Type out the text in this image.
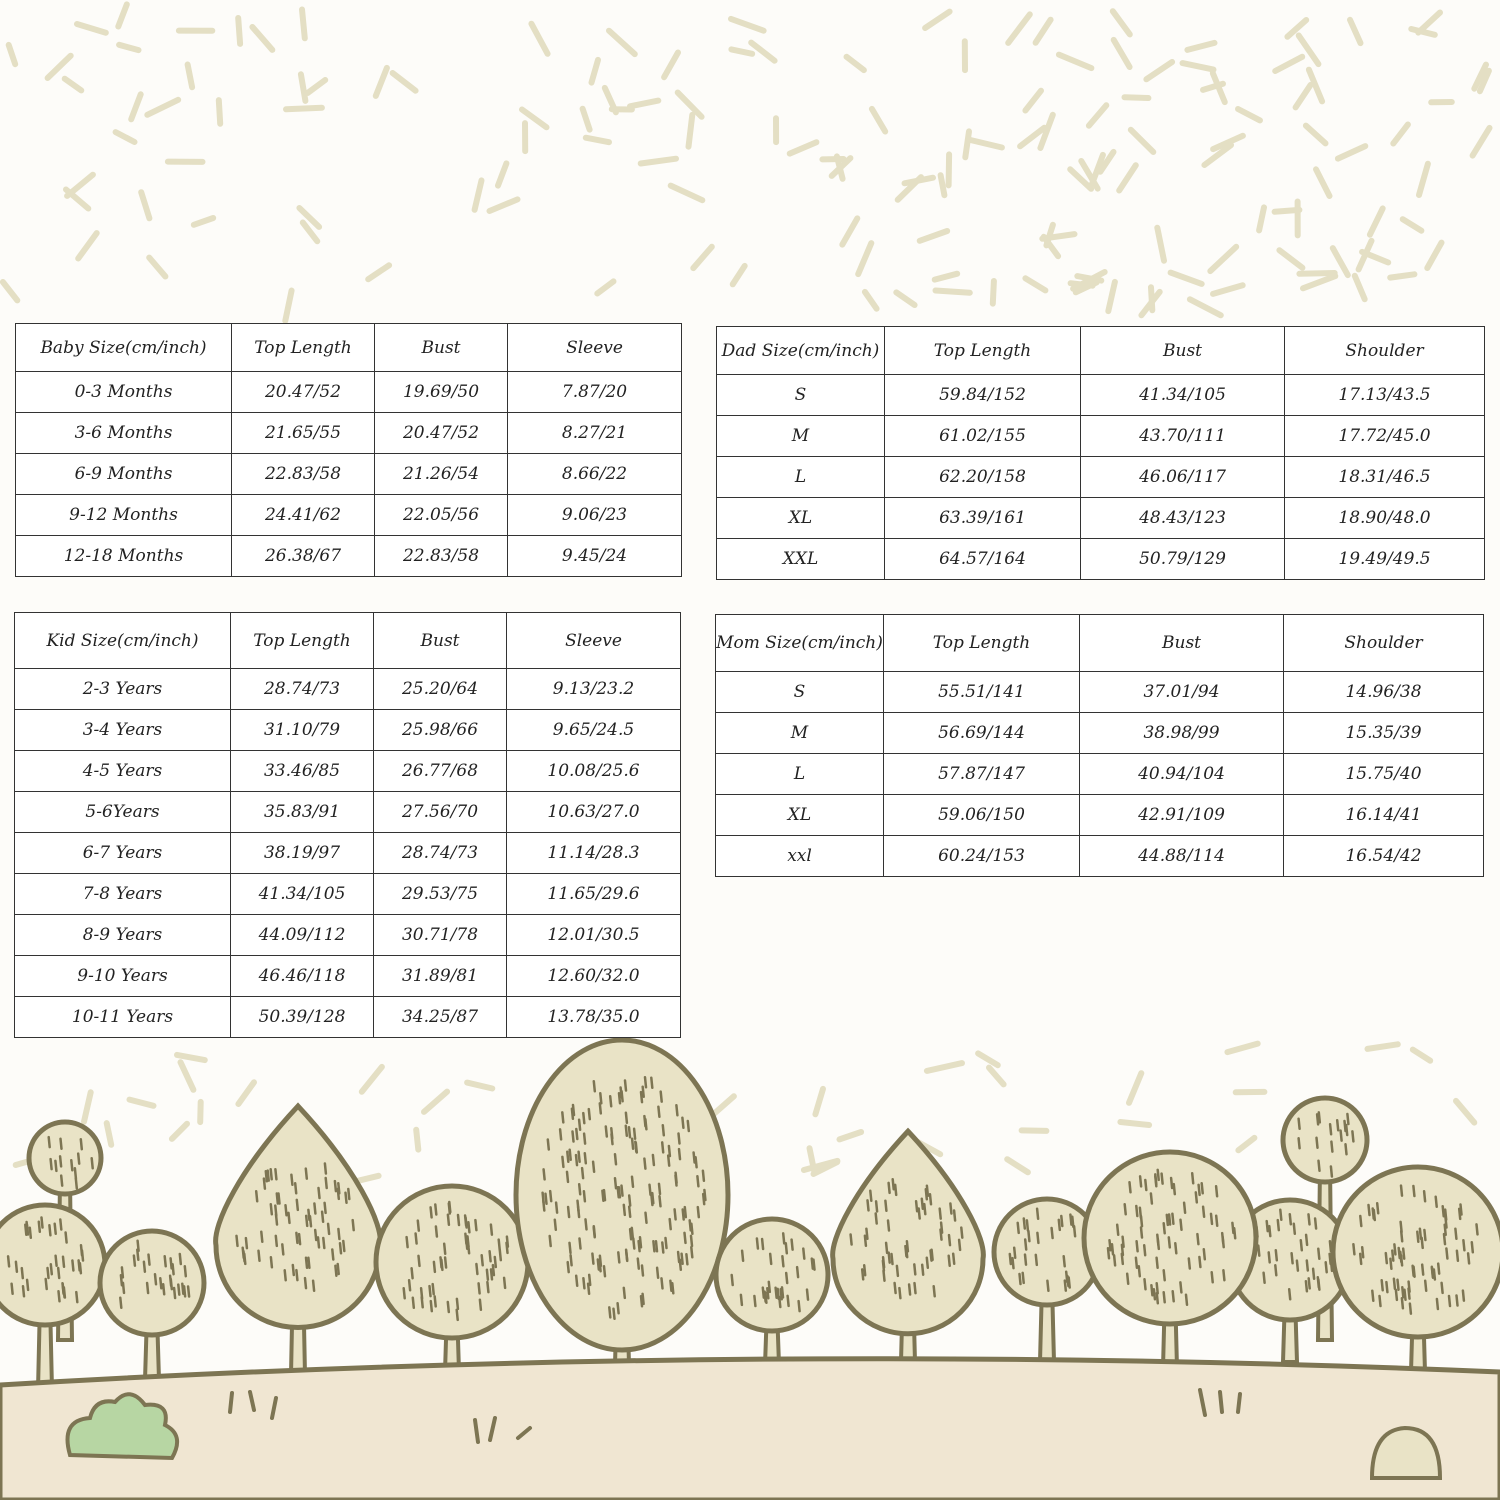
Baby Size(cm/inch)	Top Length	Bust	Sleeve
0-3 Months	20.47/52	19.69/50	7.87/20
3-6 Months	21.65/55	20.47/52	8.27/21
6-9 Months	22.83/58	21.26/54	8.66/22
9-12 Months	24.41/62	22.05/56	9.06/23
12-18 Months	26.38/67	22.83/58	9.45/24
Dad Size(cm/inch)	Top Length	Bust	Shoulder
S	59.84/152	41.34/105	17.13/43.5
M	61.02/155	43.70/111	17.72/45.0
L	62.20/158	46.06/117	18.31/46.5
XL	63.39/161	48.43/123	18.90/48.0
XXL	64.57/164	50.79/129	19.49/49.5
Kid Size(cm/inch)	Top Length	Bust	Sleeve
2-3 Years	28.74/73	25.20/64	9.13/23.2
3-4 Years	31.10/79	25.98/66	9.65/24.5
4-5 Years	33.46/85	26.77/68	10.08/25.6
5-6Years	35.83/91	27.56/70	10.63/27.0
6-7 Years	38.19/97	28.74/73	11.14/28.3
7-8 Years	41.34/105	29.53/75	11.65/29.6
8-9 Years	44.09/112	30.71/78	12.01/30.5
9-10 Years	46.46/118	31.89/81	12.60/32.0
10-11 Years	50.39/128	34.25/87	13.78/35.0
Mom Size(cm/inch)	Top Length	Bust	Shoulder
S	55.51/141	37.01/94	14.96/38
M	56.69/144	38.98/99	15.35/39
L	57.87/147	40.94/104	15.75/40
XL	59.06/150	42.91/109	16.14/41
xxl	60.24/153	44.88/114	16.54/42
